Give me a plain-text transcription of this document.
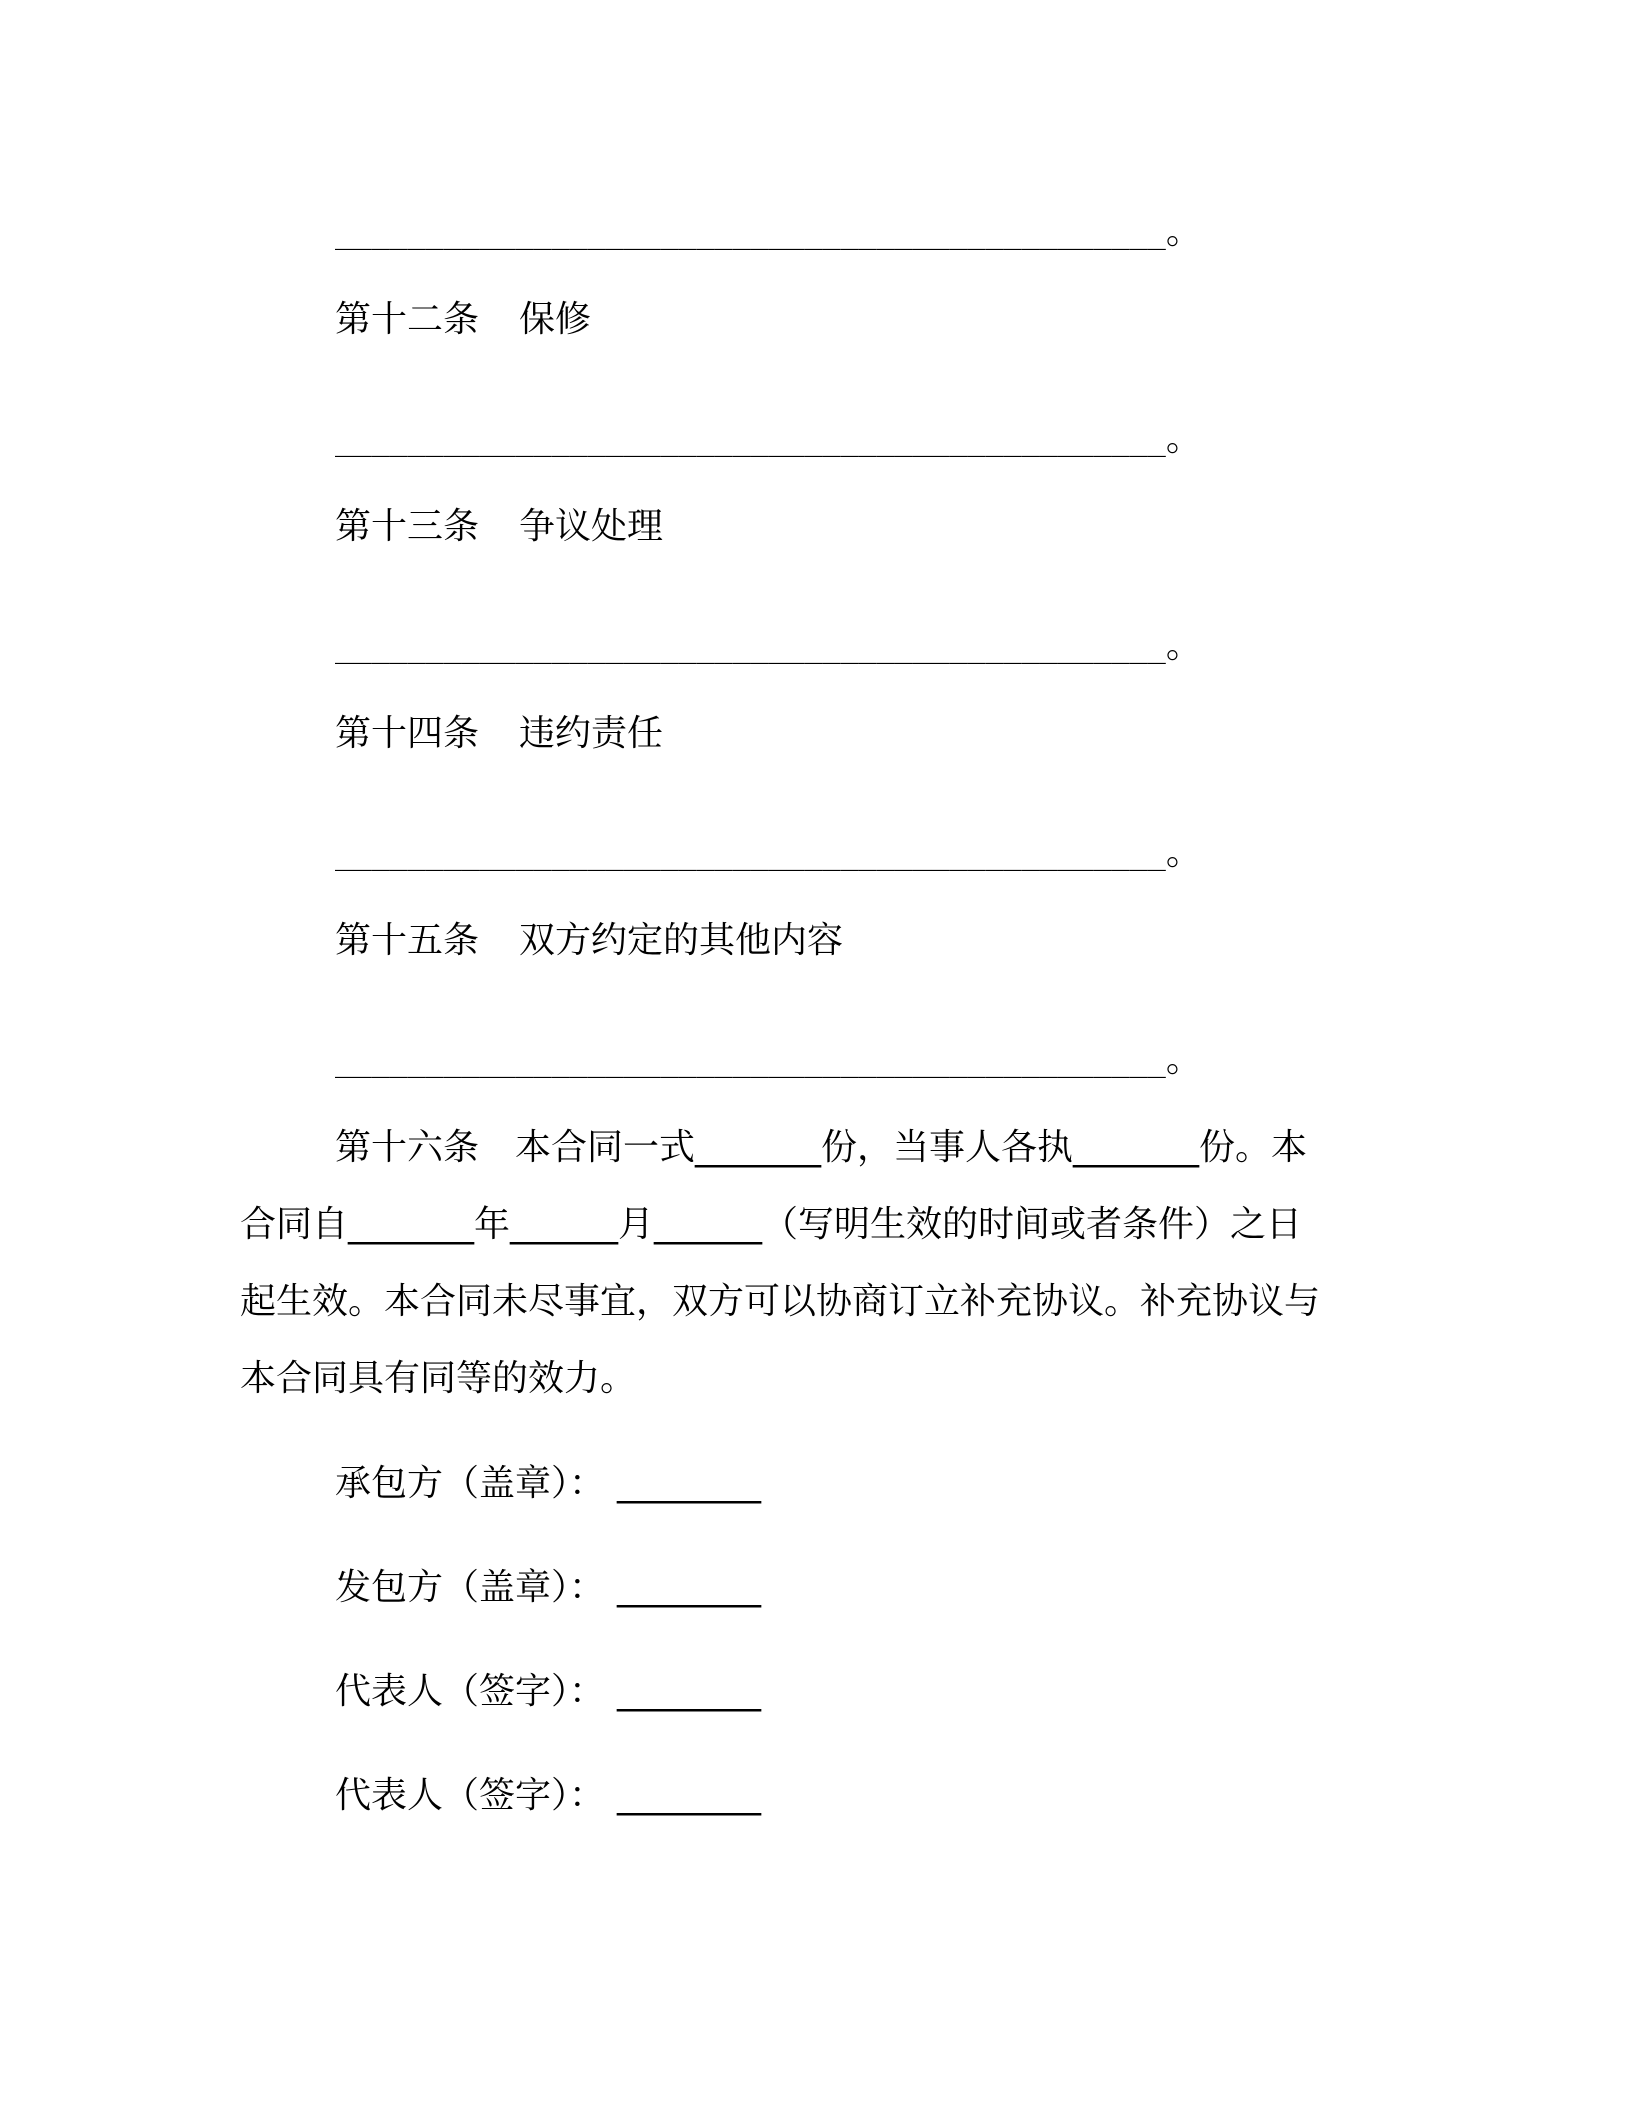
______________________________________________。
第十二条 保修
______________________________________________。
第十三条 争议处理
______________________________________________。
第十四条 违约责任
______________________________________________。
第十五条 双方约定的其他内容
______________________________________________。
第十六条　本合同一式_______份，当事人各执_______份。本
合同自_______年______月______（写明生效的时间或者条件）之日
起生效。本合同未尽事宜，双方可以协商订立补充协议。补充协议与
本合同具有同等的效力。
承包方（盖章）： ________
发包方（盖章）： ________
代表人（签字）： ________
代表人（签字）： ________
